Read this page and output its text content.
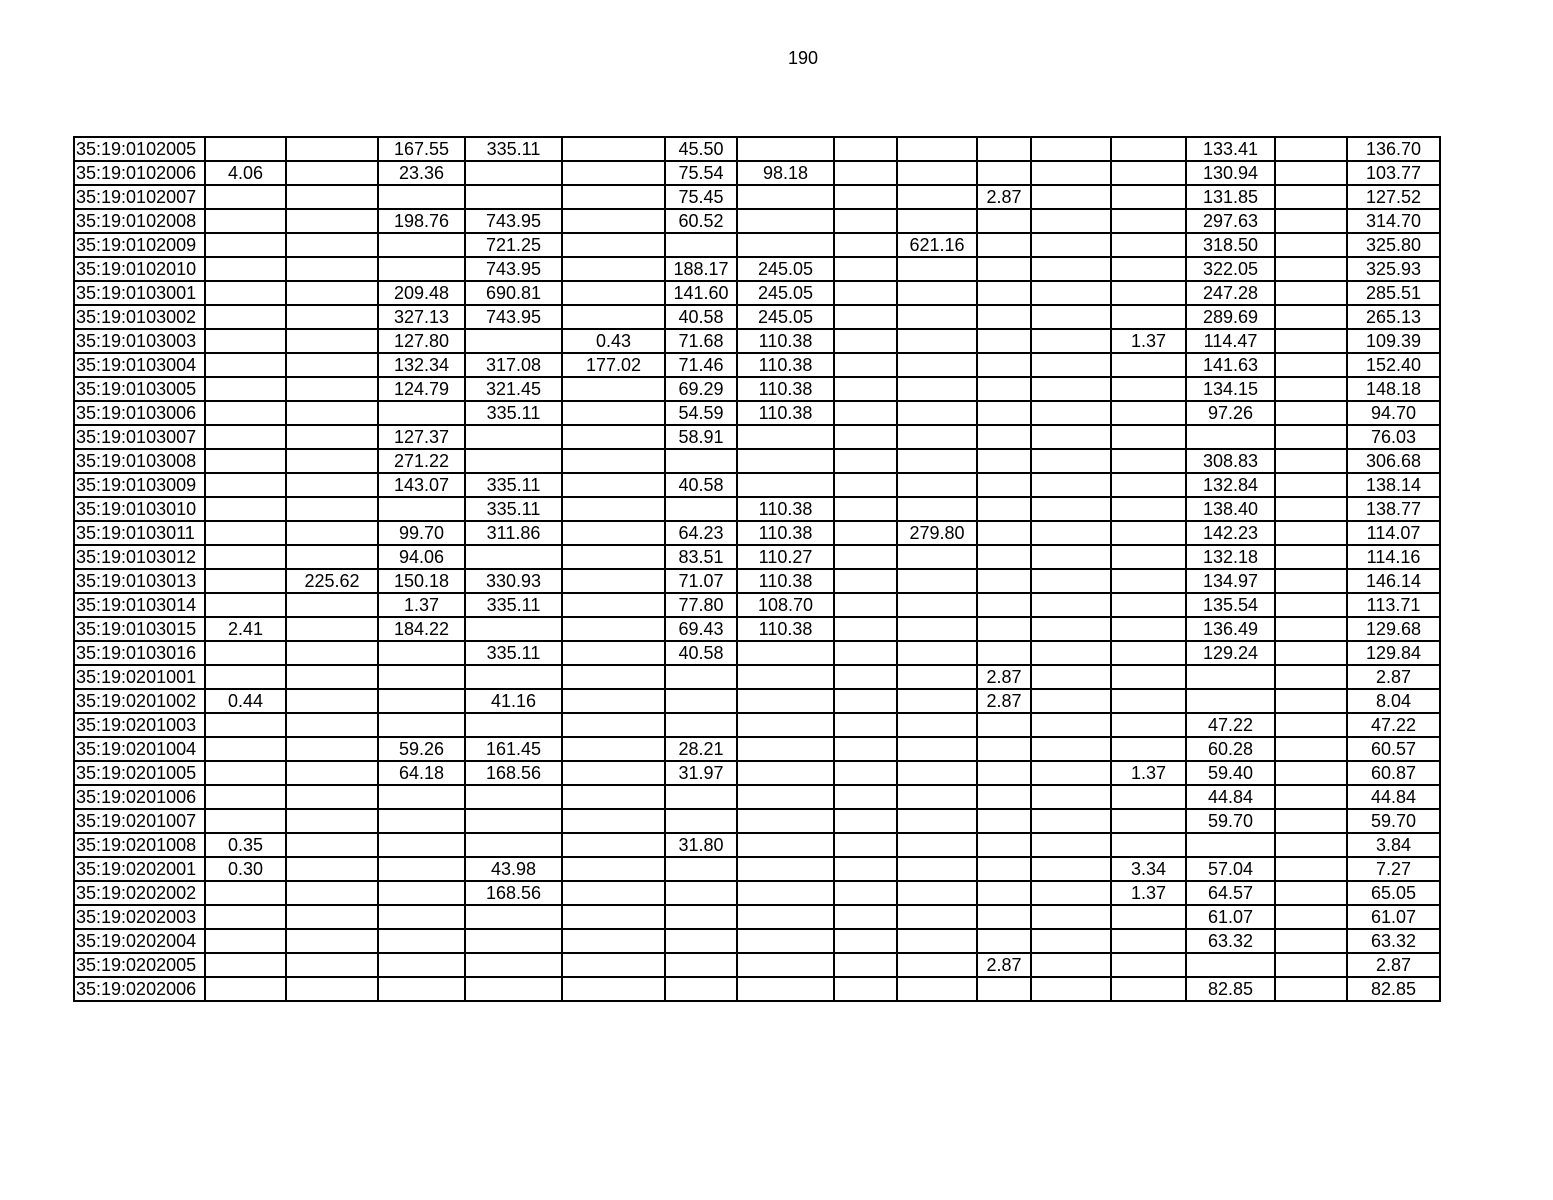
190
35:19:0102005			167.55	335.11		45.50							133.41		136.70
35:19:0102006	4.06		23.36			75.54	98.18						130.94		103.77
35:19:0102007						75.45				2.87			131.85		127.52
35:19:0102008			198.76	743.95		60.52							297.63		314.70
35:19:0102009				721.25					621.16				318.50		325.80
35:19:0102010				743.95		188.17	245.05						322.05		325.93
35:19:0103001			209.48	690.81		141.60	245.05						247.28		285.51
35:19:0103002			327.13	743.95		40.58	245.05						289.69		265.13
35:19:0103003			127.80		0.43	71.68	110.38					1.37	114.47		109.39
35:19:0103004			132.34	317.08	177.02	71.46	110.38						141.63		152.40
35:19:0103005			124.79	321.45		69.29	110.38						134.15		148.18
35:19:0103006				335.11		54.59	110.38						97.26		94.70
35:19:0103007			127.37			58.91									76.03
35:19:0103008			271.22										308.83		306.68
35:19:0103009			143.07	335.11		40.58							132.84		138.14
35:19:0103010				335.11			110.38						138.40		138.77
35:19:0103011			99.70	311.86		64.23	110.38		279.80				142.23		114.07
35:19:0103012			94.06			83.51	110.27						132.18		114.16
35:19:0103013		225.62	150.18	330.93		71.07	110.38						134.97		146.14
35:19:0103014			1.37	335.11		77.80	108.70						135.54		113.71
35:19:0103015	2.41		184.22			69.43	110.38						136.49		129.68
35:19:0103016				335.11		40.58							129.24		129.84
35:19:0201001										2.87					2.87
35:19:0201002	0.44			41.16						2.87					8.04
35:19:0201003													47.22		47.22
35:19:0201004			59.26	161.45		28.21							60.28		60.57
35:19:0201005			64.18	168.56		31.97						1.37	59.40		60.87
35:19:0201006													44.84		44.84
35:19:0201007													59.70		59.70
35:19:0201008	0.35					31.80									3.84
35:19:0202001	0.30			43.98								3.34	57.04		7.27
35:19:0202002				168.56								1.37	64.57		65.05
35:19:0202003													61.07		61.07
35:19:0202004													63.32		63.32
35:19:0202005										2.87					2.87
35:19:0202006													82.85		82.85
